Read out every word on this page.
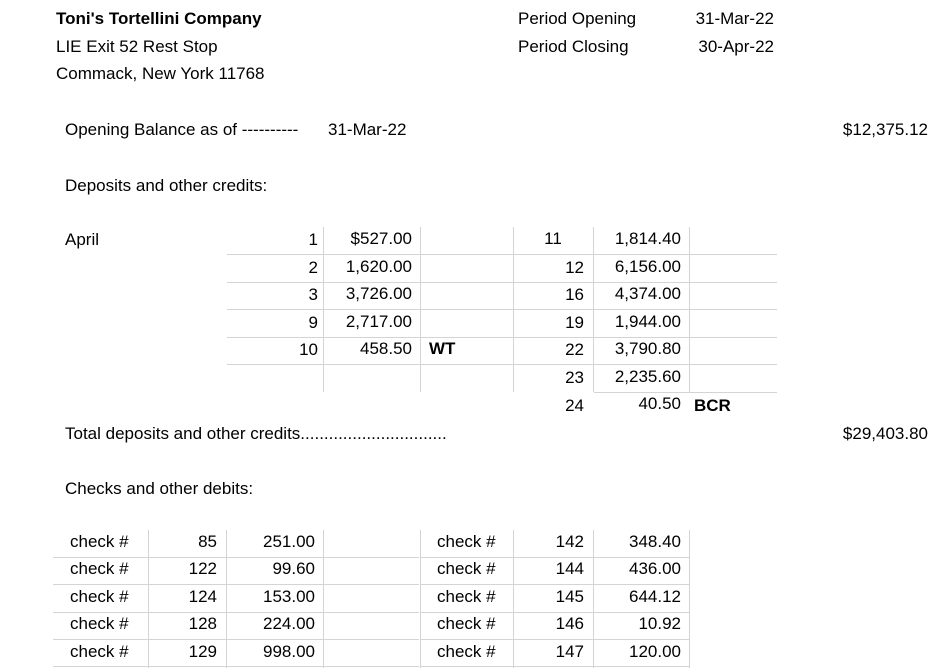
Toni's Tortellini Company
LIE Exit 52 Rest Stop
Commack, New York 11768
Period Opening	31-Mar-22
Period Closing	30-Apr-22
Opening Balance as of ---------- 31-Mar-22	$12,375.12
Deposits and other credits:
April	1	$527.00
2	1,620.00
3	3,726.00
9	2,717.00
10	458.50 WT
11	1,814.40
12	6,156.00
16	4,374.00
19	1,944.00
22	3,790.80
23	2,235.60
24	40.50 BCR
Total deposits and other credits...............................	$29,403.80
Checks and other debits:
check #	85	251.00
check #	122	99.60
check #	124	153.00
check #	128	224.00
check #	129	998.00
check #	142	348.40
check #	144	436.00
check #	145	644.12
check #	146	10.92
check #	147	120.00
